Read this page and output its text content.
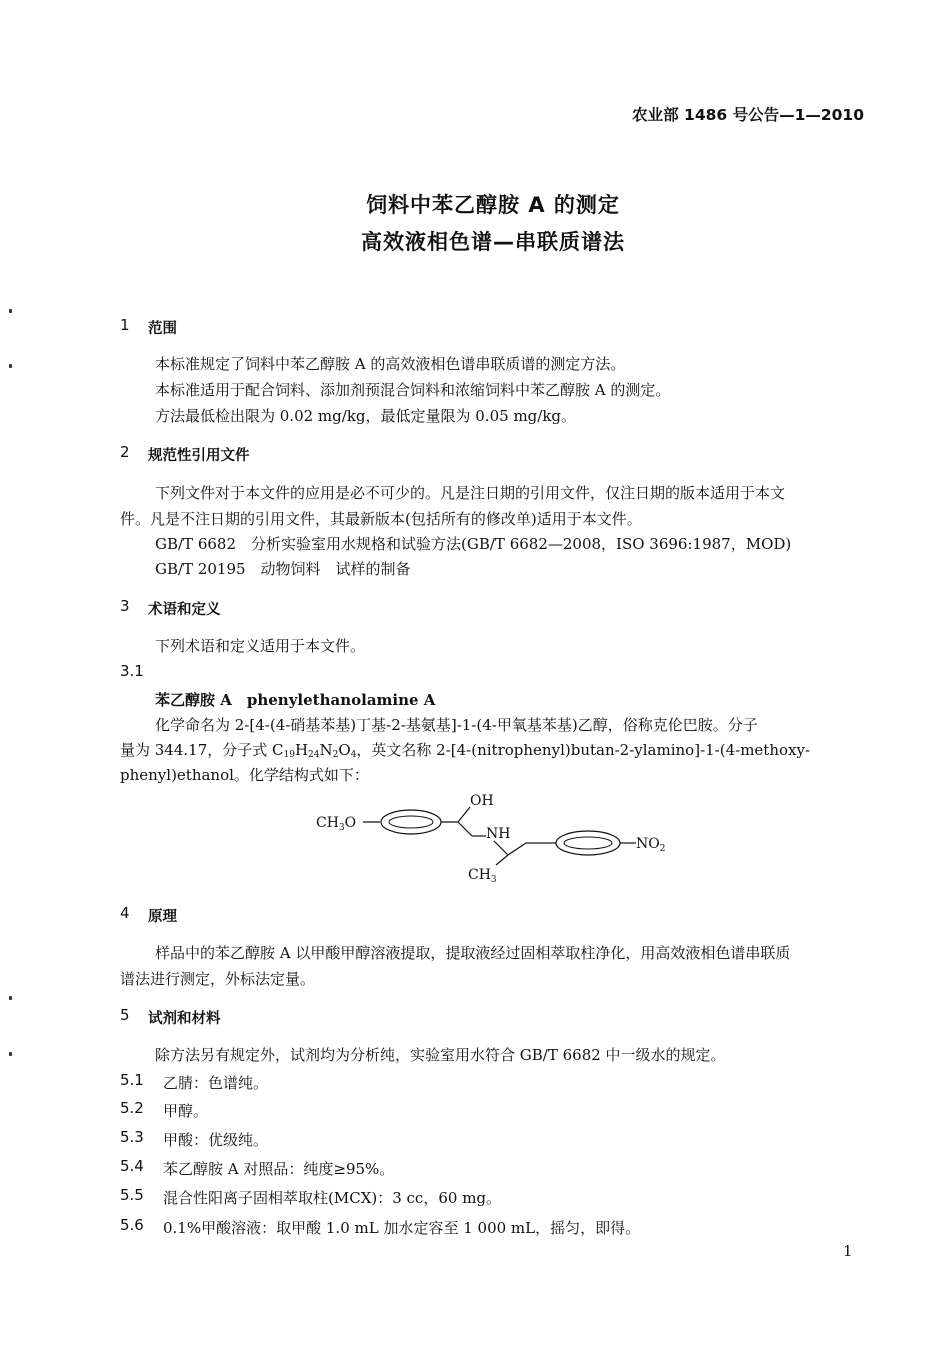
农业部 1486 号公告—1—2010
饲料中苯乙醇胺 A 的测定
高效液相色谱—串联质谱法
1 范围
本标准规定了饲料中苯乙醇胺 A 的高效液相色谱串联质谱的测定方法。
本标准适用于配合饲料、添加剂预混合饲料和浓缩饲料中苯乙醇胺 A 的测定。
方法最低检出限为 0.02 mg/kg，最低定量限为 0.05 mg/kg。
2 规范性引用文件
下列文件对于本文件的应用是必不可少的。凡是注日期的引用文件，仅注日期的版本适用于本文
件。凡是不注日期的引用文件，其最新版本(包括所有的修改单)适用于本文件。
GB/T 6682　分析实验室用水规格和试验方法(GB/T 6682—2008，ISO 3696:1987，MOD)
GB/T 20195　动物饲料　试样的制备
3 术语和定义
下列术语和定义适用于本文件。
3.1
苯乙醇胺 A　phenylethanolamine A
化学命名为 2-[4-(4-硝基苯基)丁基-2-基氨基]-1-(4-甲氧基苯基)乙醇，俗称克伦巴胺。分子
量为 344.17，分子式 $C_{19}H_{24}N_2O_4$，英文名称 2-[4-(nitrophenyl)butan-2-ylamino]-1-(4-methoxy-
phenyl)ethanol。化学结构式如下：
$CH_3O$
OH
NH
$CH_3$
$NO_2$
4 原理
样品中的苯乙醇胺 A 以甲酸甲醇溶液提取，提取液经过固相萃取柱净化，用高效液相色谱串联质
谱法进行测定，外标法定量。
5 试剂和材料
除方法另有规定外，试剂均为分析纯，实验室用水符合 GB/T 6682 中一级水的规定。
5.1 乙腈：色谱纯。
5.2 甲醇。
5.3 甲酸：优级纯。
5.4 苯乙醇胺 A 对照品：纯度≥95%。
5.5 混合性阳离子固相萃取柱(MCX)：3 cc，60 mg。
5.6 0.1%甲酸溶液：取甲酸 1.0 mL 加水定容至 1 000 mL，摇匀，即得。
1
